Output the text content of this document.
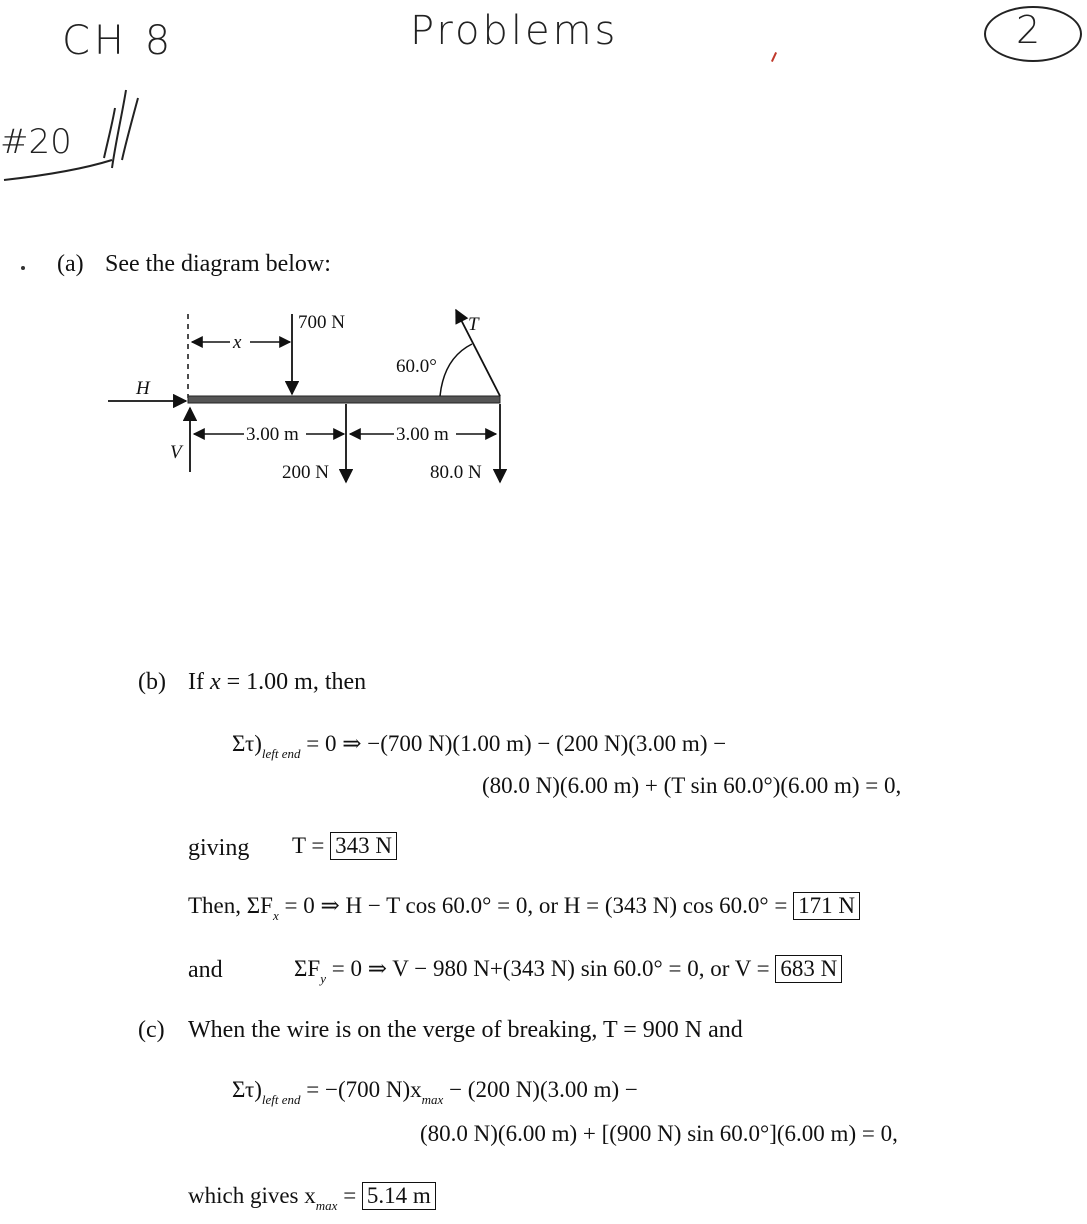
CH 8	Problems	2
#20
(a) See the diagram below:
H
V
x
700 N	T
60.0°
3.00 m	3.00 m
200 N	80.0 N
(b) If x = 1.00 m, then
$\Sigma\tau)_{left end} = 0$ ⇒ −(700 N)(1.00 m) − (200 N)(3.00 m) −
(80.0 N)(6.00 m) + (T sin 60.0°)(6.00 m) = 0,
giving T = 343 N
Then, $\Sigma F_x = 0$ ⇒ H − T cos 60.0° = 0, or H = (343 N) cos 60.0° = 171 N
and	$\Sigma F_y = 0$ ⇒ V − 980 N+(343 N) sin 60.0° = 0, or V = 683 N
(c) When the wire is on the verge of breaking, T = 900 N and
$\Sigma\tau)_{left end} = -(700$ $N)x_{max} - (200$ N)(3.00 m) −
(80.0 N)(6.00 m) + [(900 N) sin 60.0°](6.00 m) = 0,
which gives $x_{max} = 5.14$ m
